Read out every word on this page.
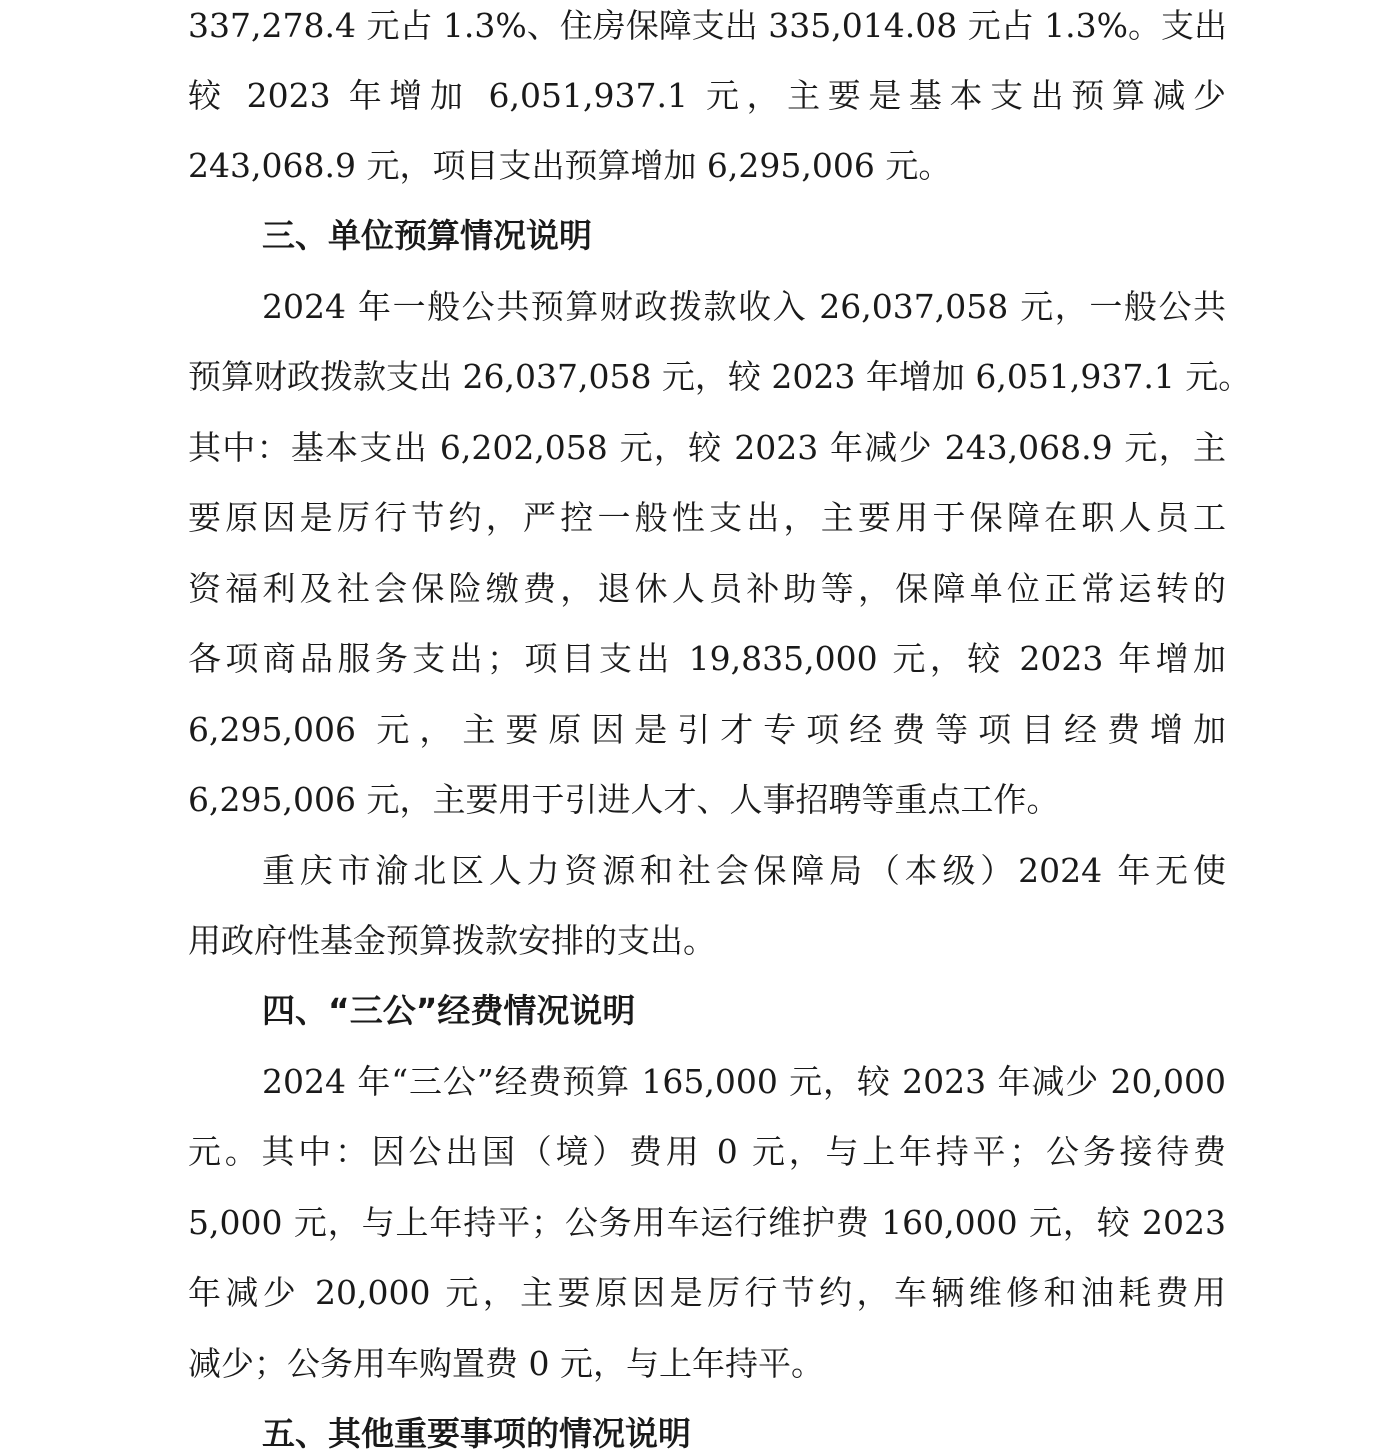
337,278.4 元占 1.3%、住房保障支出 335,014.08 元占 1.3%。支出
较 2023 年增加 6,051,937.1 元，主要是基本支出预算减少
243,068.9 元，项目支出预算增加 6,295,006 元。
三、单位预算情况说明
2024 年一般公共预算财政拨款收入 26,037,058 元，一般公共
预算财政拨款支出 26,037,058 元，较 2023 年增加 6,051,937.1 元。
其中：基本支出 6,202,058 元，较 2023 年减少 243,068.9 元，主
要原因是厉行节约，严控一般性支出，主要用于保障在职人员工
资福利及社会保险缴费，退休人员补助等，保障单位正常运转的
各项商品服务支出；项目支出 19,835,000 元，较 2023 年增加
6,295,006 元，主要原因是引才专项经费等项目经费增加
6,295,006 元，主要用于引进人才、人事招聘等重点工作。
重庆市渝北区人力资源和社会保障局（本级）2024 年无使
用政府性基金预算拨款安排的支出。
四、“三公”经费情况说明
2024 年“三公”经费预算 165,000 元，较 2023 年减少 20,000
元。其中：因公出国（境）费用 0 元，与上年持平；公务接待费
5,000 元，与上年持平；公务用车运行维护费 160,000 元，较 2023
年减少 20,000 元，主要原因是厉行节约，车辆维修和油耗费用
减少；公务用车购置费 0 元，与上年持平。
五、其他重要事项的情况说明
